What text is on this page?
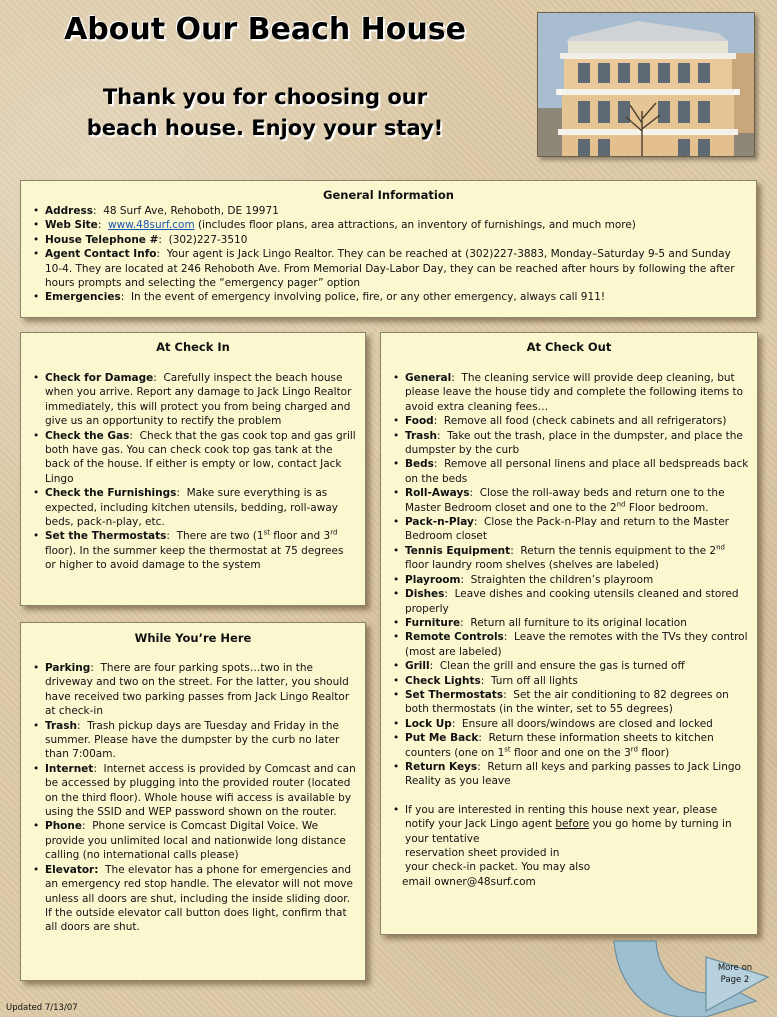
About Our Beach House
Thank you for choosing our
beach house. Enjoy your stay!
General Information
• Address:  48 Surf Ave, Rehoboth, DE 19971
• Web Site:  www.48surf.com (includes floor plans, area attractions, an inventory of furnishings, and much more)
• House Telephone #:  (302)227-3510
• Agent Contact Info:  Your agent is Jack Lingo Realtor. They can be reached at (302)227-3883, Monday–Saturday 9-5 and Sunday 10-4. They are located at 246 Rehoboth Ave. From Memorial Day-Labor Day, they can be reached after hours by following the after hours prompts and selecting the “emergency pager” option
• Emergencies:  In the event of emergency involving police, fire, or any other emergency, always call 911!
At Check In
• Check for Damage:  Carefully inspect the beach house when you arrive. Report any damage to Jack Lingo Realtor immediately, this will protect you from being charged and give us an opportunity to rectify the problem
• Check the Gas:  Check that the gas cook top and gas grill both have gas. You can check cook top gas tank at the back of the house. If either is empty or low, contact Jack Lingo
• Check the Furnishings:  Make sure everything is as expected, including kitchen utensils, bedding, roll-away beds, pack-n-play, etc.
• Set the Thermostats:  There are two (1st floor and 3rd floor). In the summer keep the thermostat at 75 degrees or higher to avoid damage to the system
While You’re Here
• Parking:  There are four parking spots…two in the driveway and two on the street. For the latter, you should have received two parking passes from Jack Lingo Realtor at check-in
• Trash:  Trash pickup days are Tuesday and Friday in the summer. Please have the dumpster by the curb no later than 7:00am.
• Internet:  Internet access is provided by Comcast and can be accessed by plugging into the provided router (located on the third floor). Whole house wifi access is available by using the SSID and WEP password shown on the router.
• Phone:  Phone service is Comcast Digital Voice. We provide you unlimited local and nationwide long distance calling (no international calls please)
• Elevator: The elevator has a phone for emergencies and an emergency red stop handle. The elevator will not move unless all doors are shut, including the inside sliding door. If the outside elevator call button does light, confirm that all doors are shut.
At Check Out
• General:  The cleaning service will provide deep cleaning, but please leave the house tidy and complete the following items to avoid extra cleaning fees…
• Food:  Remove all food (check cabinets and all refrigerators)
• Trash:  Take out the trash, place in the dumpster, and place the dumpster by the curb
• Beds:  Remove all personal linens and place all bedspreads back on the beds
• Roll-Aways:  Close the roll-away beds and return one to the Master Bedroom closet and one to the 2nd Floor bedroom.
• Pack-n-Play:  Close the Pack-n-Play and return to the Master Bedroom closet
• Tennis Equipment:  Return the tennis equipment to the 2nd floor laundry room shelves (shelves are labeled)
• Playroom:  Straighten the children’s playroom
• Dishes:  Leave dishes and cooking utensils cleaned and stored properly
• Furniture:  Return all furniture to its original location
• Remote Controls:  Leave the remotes with the TVs they control (most are labeled)
• Grill:  Clean the grill and ensure the gas is turned off
• Check Lights:  Turn off all lights
• Set Thermostats:  Set the air conditioning to 82 degrees on both thermostats (in the winter, set to 55 degrees)
• Lock Up:  Ensure all doors/windows are closed and locked
• Put Me Back:  Return these information sheets to kitchen counters (one on 1st floor and one on the 3rd floor)
• Return Keys:  Return all keys and parking passes to Jack Lingo Reality as you leave
• If you are interested in renting this house next year, please notify your Jack Lingo agent before you go home by turning in your tentative
reservation sheet provided in
your check-in packet. You may also
email owner@48surf.com
Updated 7/13/07
More on
Page 2
